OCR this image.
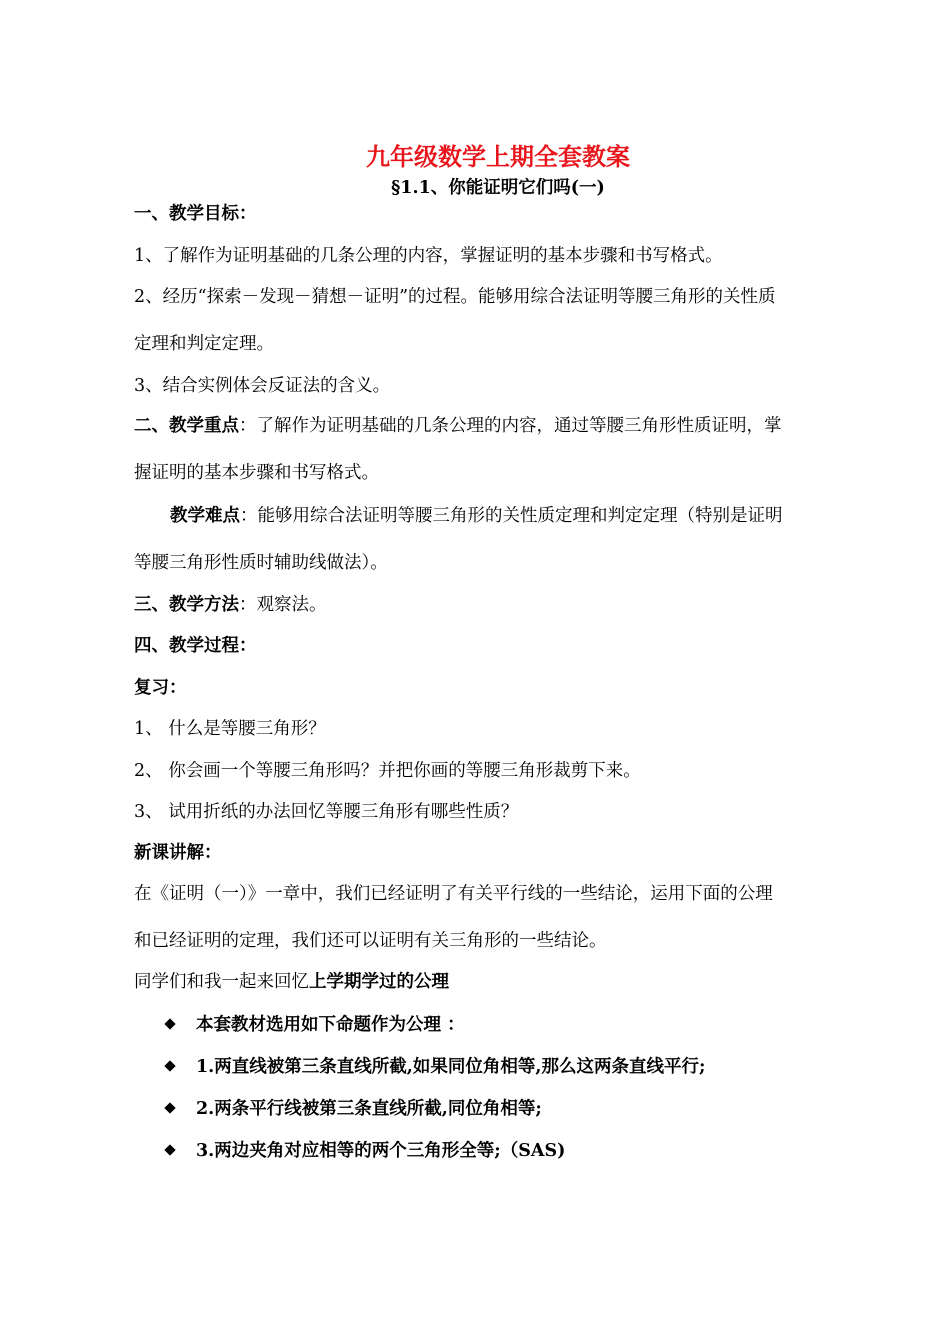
九年级数学上期全套教案
§1.1、你能证明它们吗(一)
一、教学目标：
1、了解作为证明基础的几条公理的内容，掌握证明的基本步骤和书写格式。
2、经历“探索－发现－猜想－证明”的过程。能够用综合法证明等腰三角形的关性质
定理和判定定理。
3、结合实例体会反证法的含义。
二、教学重点：了解作为证明基础的几条公理的内容，通过等腰三角形性质证明，掌
握证明的基本步骤和书写格式。
教学难点：能够用综合法证明等腰三角形的关性质定理和判定定理（特别是证明
等腰三角形性质时辅助线做法）。
三、教学方法：观察法。
四、教学过程：
复习：
1、 什么是等腰三角形？
2、 你会画一个等腰三角形吗？并把你画的等腰三角形裁剪下来。
3、 试用折纸的办法回忆等腰三角形有哪些性质？
新课讲解：
在《证明（一）》一章中，我们已经证明了有关平行线的一些结论，运用下面的公理
和已经证明的定理，我们还可以证明有关三角形的一些结论。
同学们和我一起来回忆上学期学过的公理
本套教材选用如下命题作为公理 ：
1.两直线被第三条直线所截,如果同位角相等,那么这两条直线平行;
2.两条平行线被第三条直线所截,同位角相等;
3.两边夹角对应相等的两个三角形全等;（SAS)
